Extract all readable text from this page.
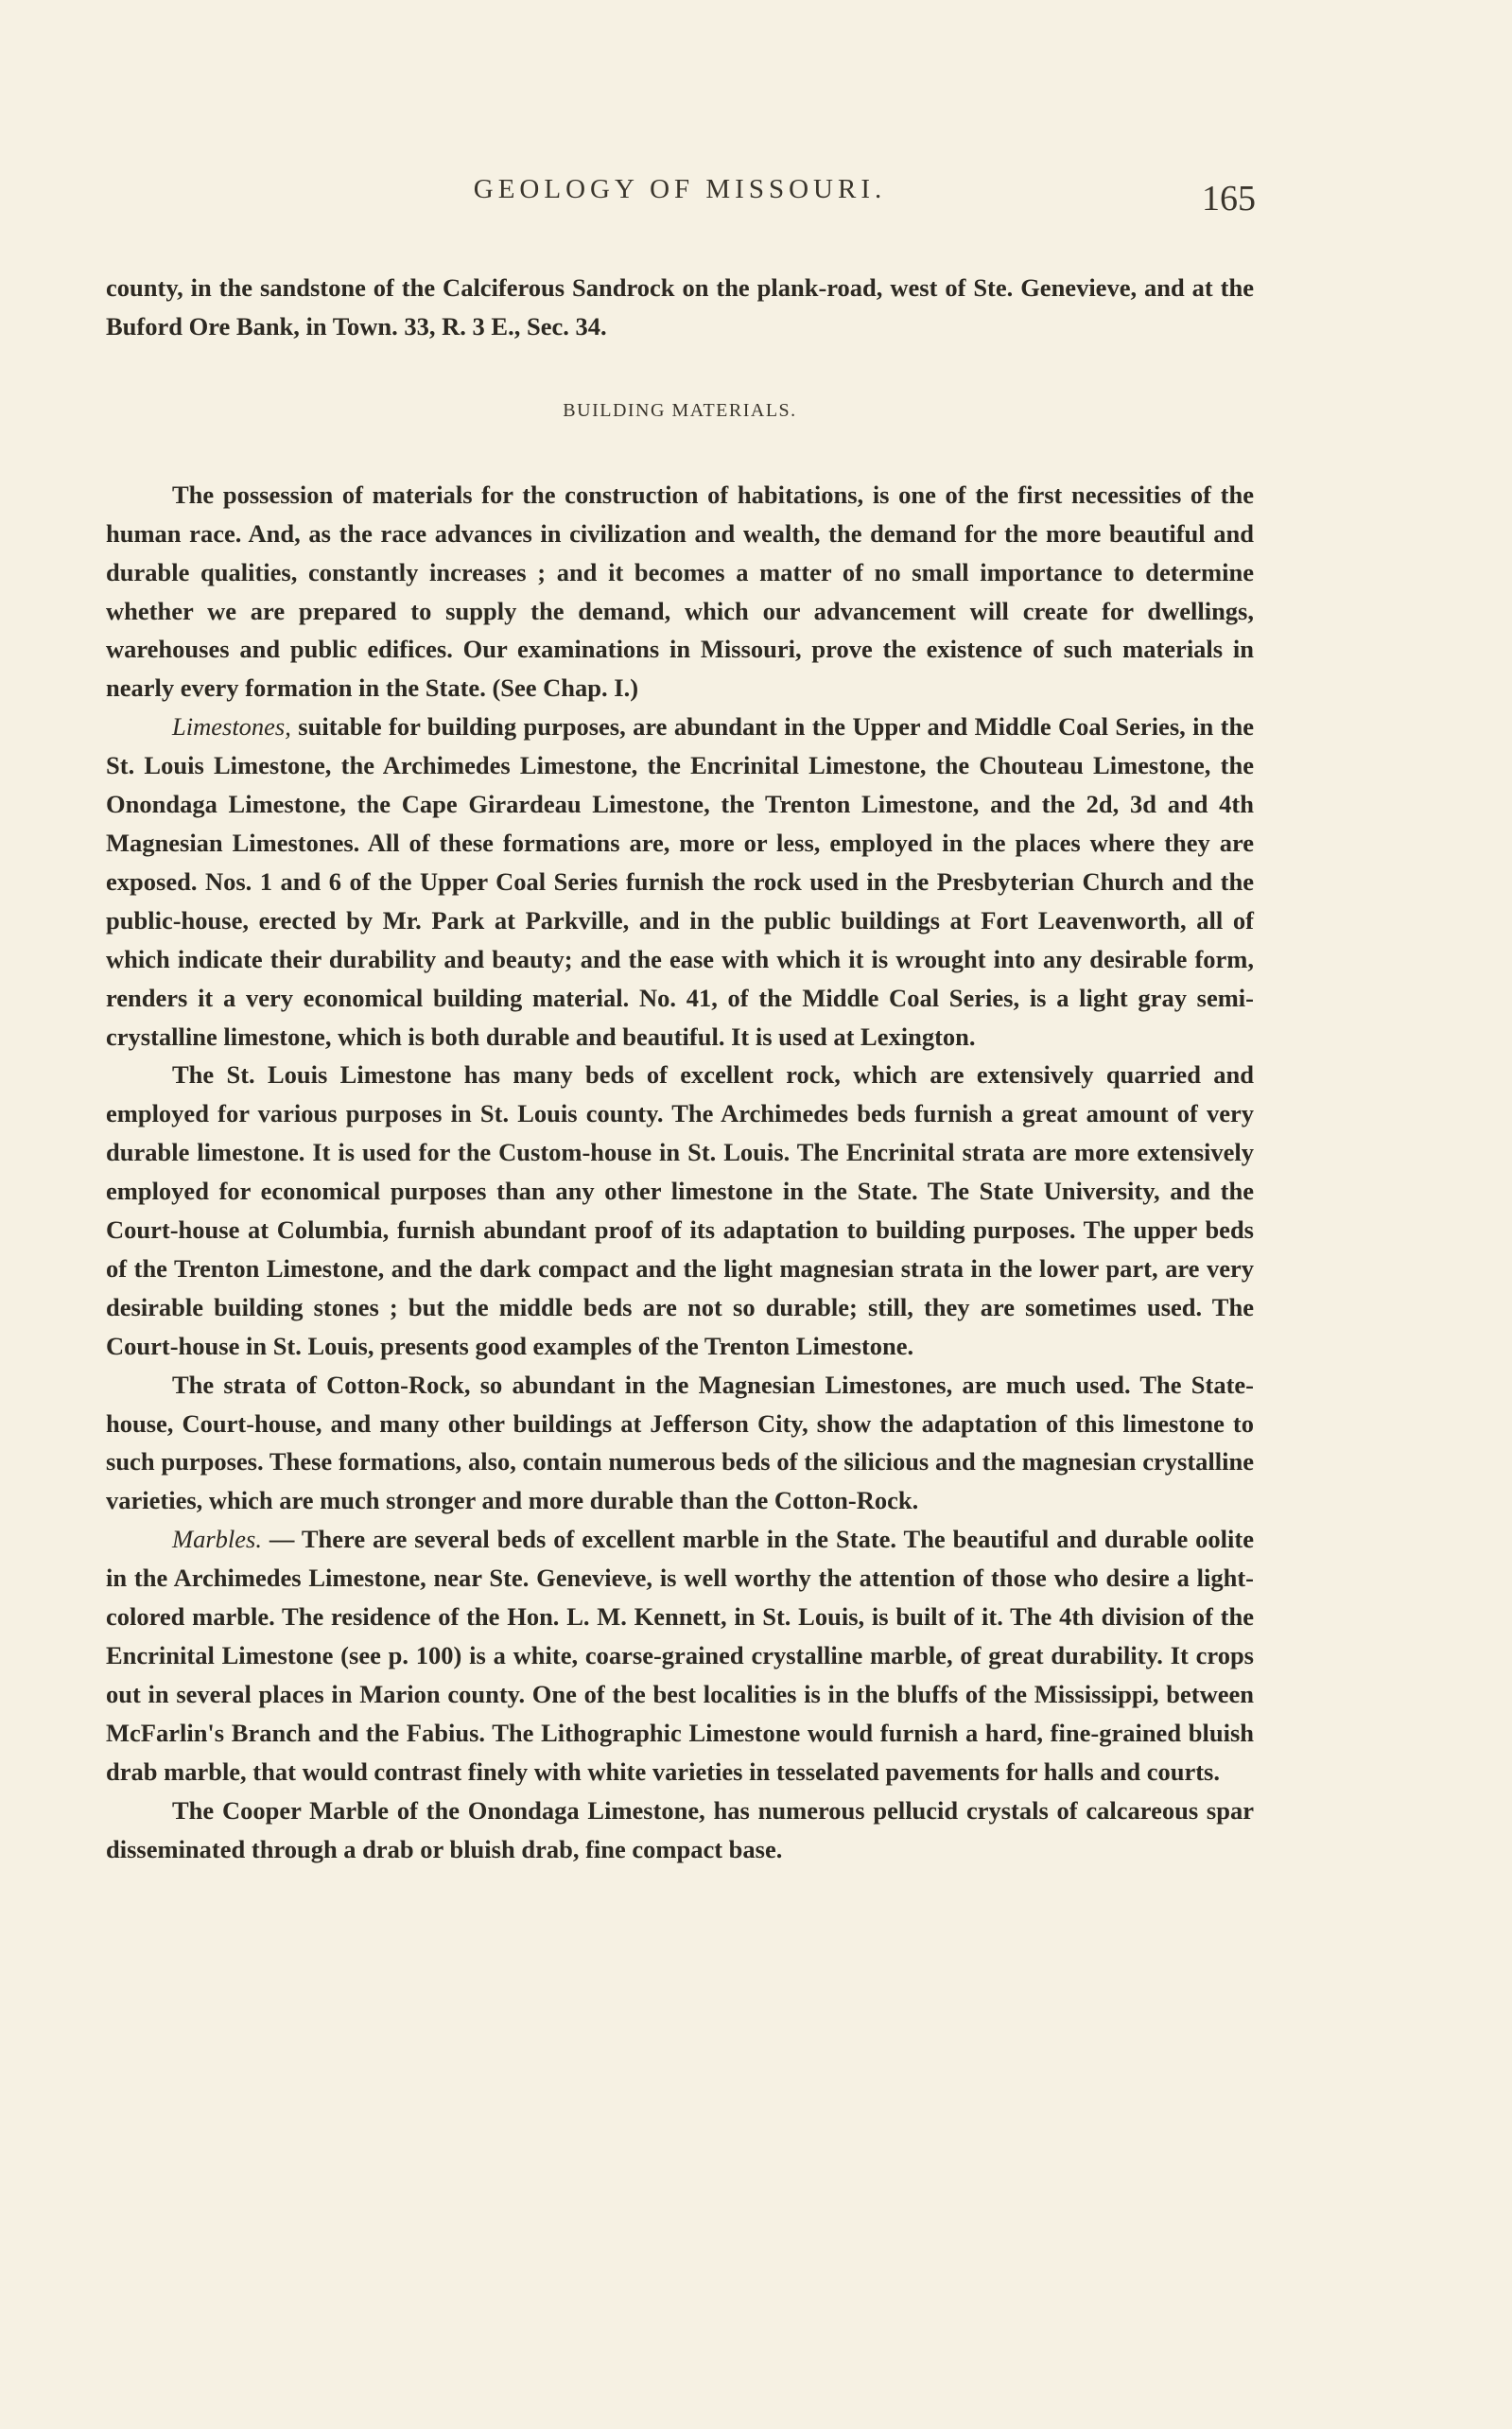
GEOLOGY OF MISSOURI.	165

county, in the sandstone of the Calciferous Sandrock on the plank-road, west of Ste. Genevieve, and at the Buford Ore Bank, in Town. 33, R. 3 E., Sec. 34.

BUILDING MATERIALS.

The possession of materials for the construction of habitations, is one of the first necessities of the human race. And, as the race advances in civilization and wealth, the demand for the more beautiful and durable qualities, constantly increases ; and it becomes a matter of no small importance to determine whether we are prepared to supply the demand, which our advancement will create for dwellings, warehouses and public edifices. Our examinations in Missouri, prove the existence of such materials in nearly every formation in the State. (See Chap. I.)

Limestones, suitable for building purposes, are abundant in the Upper and Middle Coal Series, in the St. Louis Limestone, the Archimedes Limestone, the Encrinital Limestone, the Chouteau Limestone, the Onondaga Limestone, the Cape Girardeau Limestone, the Trenton Limestone, and the 2d, 3d and 4th Magnesian Limestones. All of these formations are, more or less, employed in the places where they are exposed. Nos. 1 and 6 of the Upper Coal Series furnish the rock used in the Presbyterian Church and the public-house, erected by Mr. Park at Parkville, and in the public buildings at Fort Leavenworth, all of which indicate their durability and beauty; and the ease with which it is wrought into any desirable form, renders it a very economical building material. No. 41, of the Middle Coal Series, is a light gray semi-crystalline limestone, which is both durable and beautiful. It is used at Lexington.

The St. Louis Limestone has many beds of excellent rock, which are extensively quarried and employed for various purposes in St. Louis county. The Archimedes beds furnish a great amount of very durable limestone. It is used for the Custom-house in St. Louis. The Encrinital strata are more extensively employed for economical purposes than any other limestone in the State. The State University, and the Court-house at Columbia, furnish abundant proof of its adaptation to building purposes. The upper beds of the Trenton Limestone, and the dark compact and the light magnesian strata in the lower part, are very desirable building stones ; but the middle beds are not so durable; still, they are sometimes used. The Court-house in St. Louis, presents good examples of the Trenton Limestone.

The strata of Cotton-Rock, so abundant in the Magnesian Limestones, are much used. The State-house, Court-house, and many other buildings at Jefferson City, show the adaptation of this limestone to such purposes. These formations, also, contain numerous beds of the silicious and the magnesian crystalline varieties, which are much stronger and more durable than the Cotton-Rock.

Marbles. — There are several beds of excellent marble in the State. The beautiful and durable oolite in the Archimedes Limestone, near Ste. Genevieve, is well worthy the attention of those who desire a light-colored marble. The residence of the Hon. L. M. Kennett, in St. Louis, is built of it. The 4th division of the Encrinital Limestone (see p. 100) is a white, coarse-grained crystalline marble, of great durability. It crops out in several places in Marion county. One of the best localities is in the bluffs of the Mississippi, between McFarlin's Branch and the Fabius. The Lithographic Limestone would furnish a hard, fine-grained bluish drab marble, that would contrast finely with white varieties in tesselated pavements for halls and courts.

The Cooper Marble of the Onondaga Limestone, has numerous pellucid crystals of calcareous spar disseminated through a drab or bluish drab, fine compact base.
